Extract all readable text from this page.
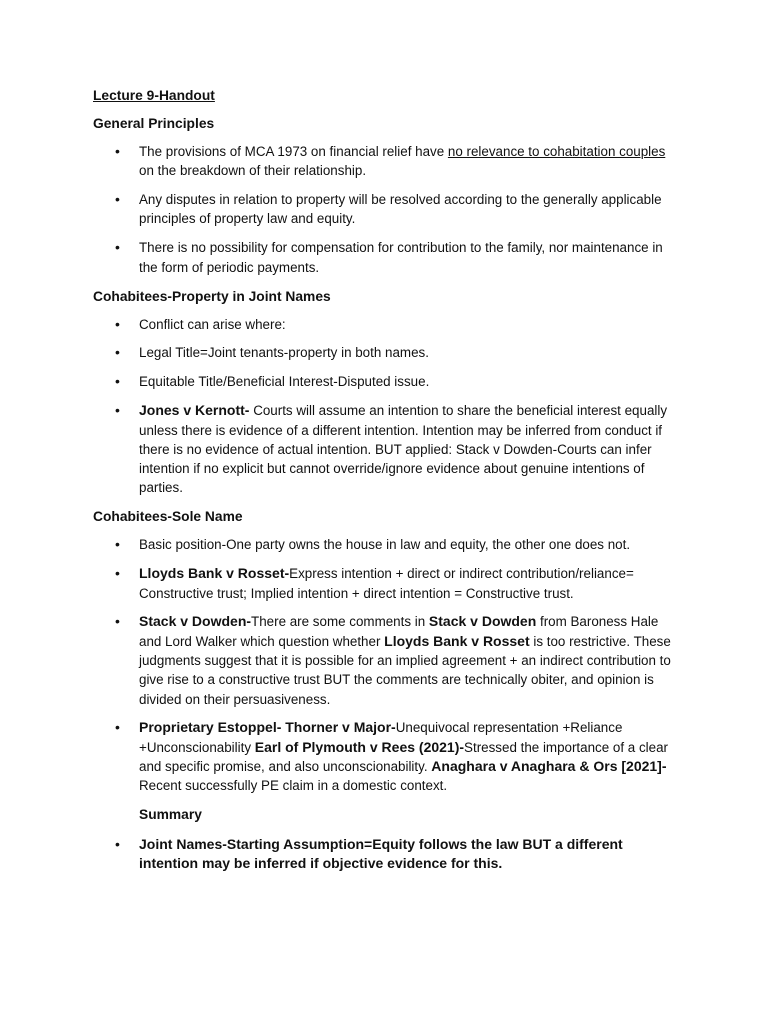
Lecture 9-Handout
General Principles
• The provisions of MCA 1973 on financial relief have no relevance to cohabitation couples on the breakdown of their relationship.
• Any disputes in relation to property will be resolved according to the generally applicable principles of property law and equity.
• There is no possibility for compensation for contribution to the family, nor maintenance in the form of periodic payments.
Cohabitees-Property in Joint Names
• Conflict can arise where:
• Legal Title=Joint tenants-property in both names.
• Equitable Title/Beneficial Interest-Disputed issue.
• Jones v Kernott- Courts will assume an intention to share the beneficial interest equally unless there is evidence of a different intention. Intention may be inferred from conduct if there is no evidence of actual intention. BUT applied: Stack v Dowden-Courts can infer intention if no explicit but cannot override/ignore evidence about genuine intentions of parties.
Cohabitees-Sole Name
• Basic position-One party owns the house in law and equity, the other one does not.
• Lloyds Bank v Rosset-Express intention + direct or indirect contribution/reliance= Constructive trust; Implied intention + direct intention = Constructive trust.
• Stack v Dowden-There are some comments in Stack v Dowden from Baroness Hale and Lord Walker which question whether Lloyds Bank v Rosset is too restrictive. These judgments suggest that it is possible for an implied agreement + an indirect contribution to give rise to a constructive trust BUT the comments are technically obiter, and opinion is divided on their persuasiveness.
• Proprietary Estoppel- Thorner v Major-Unequivocal representation +Reliance +Unconscionability Earl of Plymouth v Rees (2021)-Stressed the importance of a clear and specific promise, and also unconscionability. Anaghara v Anaghara & Ors [2021]-Recent successfully PE claim in a domestic context.
Summary
• Joint Names-Starting Assumption=Equity follows the law BUT a different intention may be inferred if objective evidence for this.
